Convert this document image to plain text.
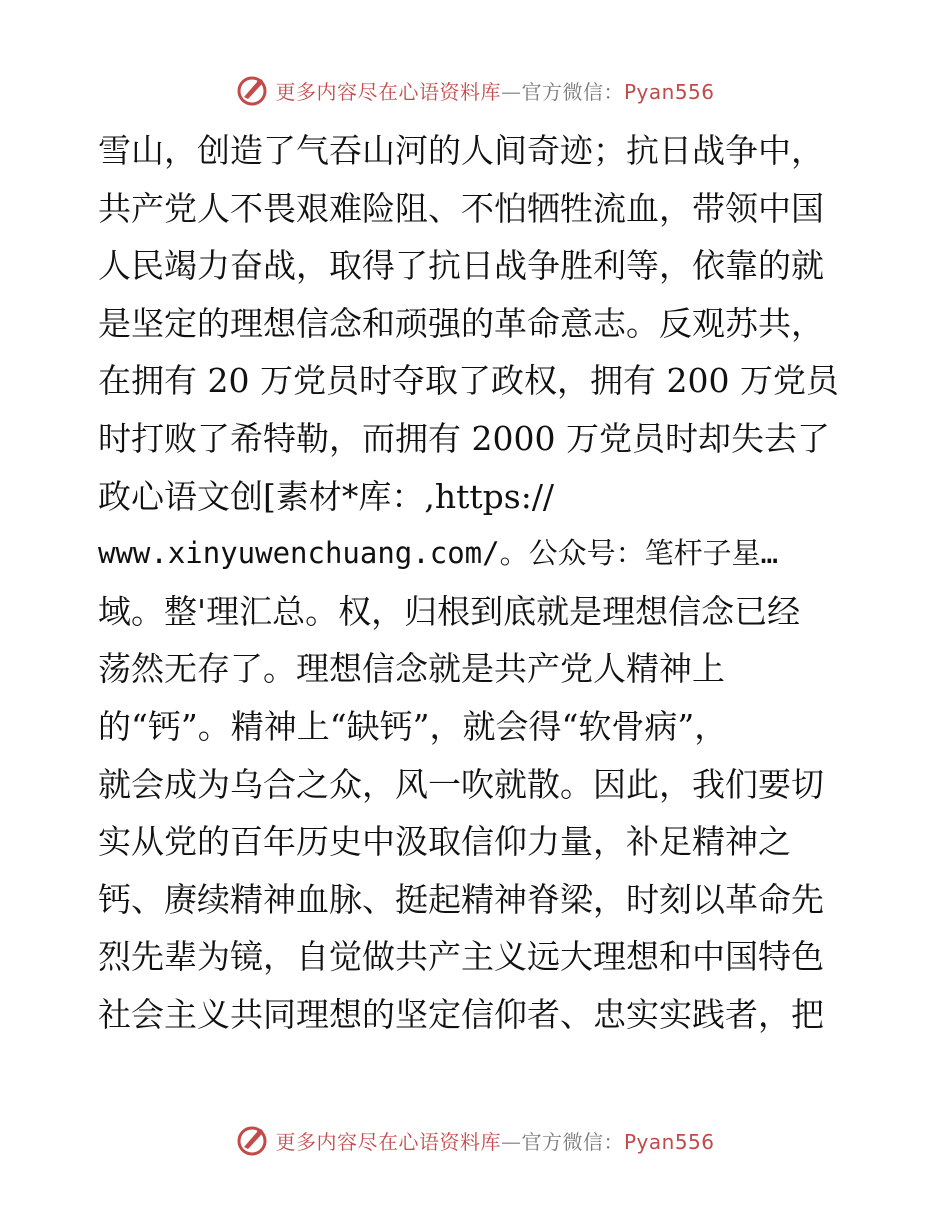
更多内容尽在心语资料库—官方微信：Pyan556
雪山，创造了气吞山河的人间奇迹；抗日战争中，
共产党人不畏艰难险阻、不怕牺牲流血，带领中国
人民竭力奋战，取得了抗日战争胜利等，依靠的就
是坚定的理想信念和顽强的革命意志。反观苏共，
在拥有 20 万党员时夺取了政权，拥有 200 万党员
时打败了希特勒，而拥有 2000 万党员时却失去了
政心语文创[素材*库：,https://
www.xinyuwenchuang.com/。公众号：笔杆子星…
域。整'理汇总。权，归根到底就是理想信念已经
荡然无存了。理想信念就是共产党人精神上
的“钙”。精神上“缺钙”，就会得“软骨病”，
就会成为乌合之众，风一吹就散。因此，我们要切
实从党的百年历史中汲取信仰力量，补足精神之
钙、赓续精神血脉、挺起精神脊梁，时刻以革命先
烈先辈为镜，自觉做共产主义远大理想和中国特色
社会主义共同理想的坚定信仰者、忠实实践者，把
更多内容尽在心语资料库—官方微信：Pyan556
